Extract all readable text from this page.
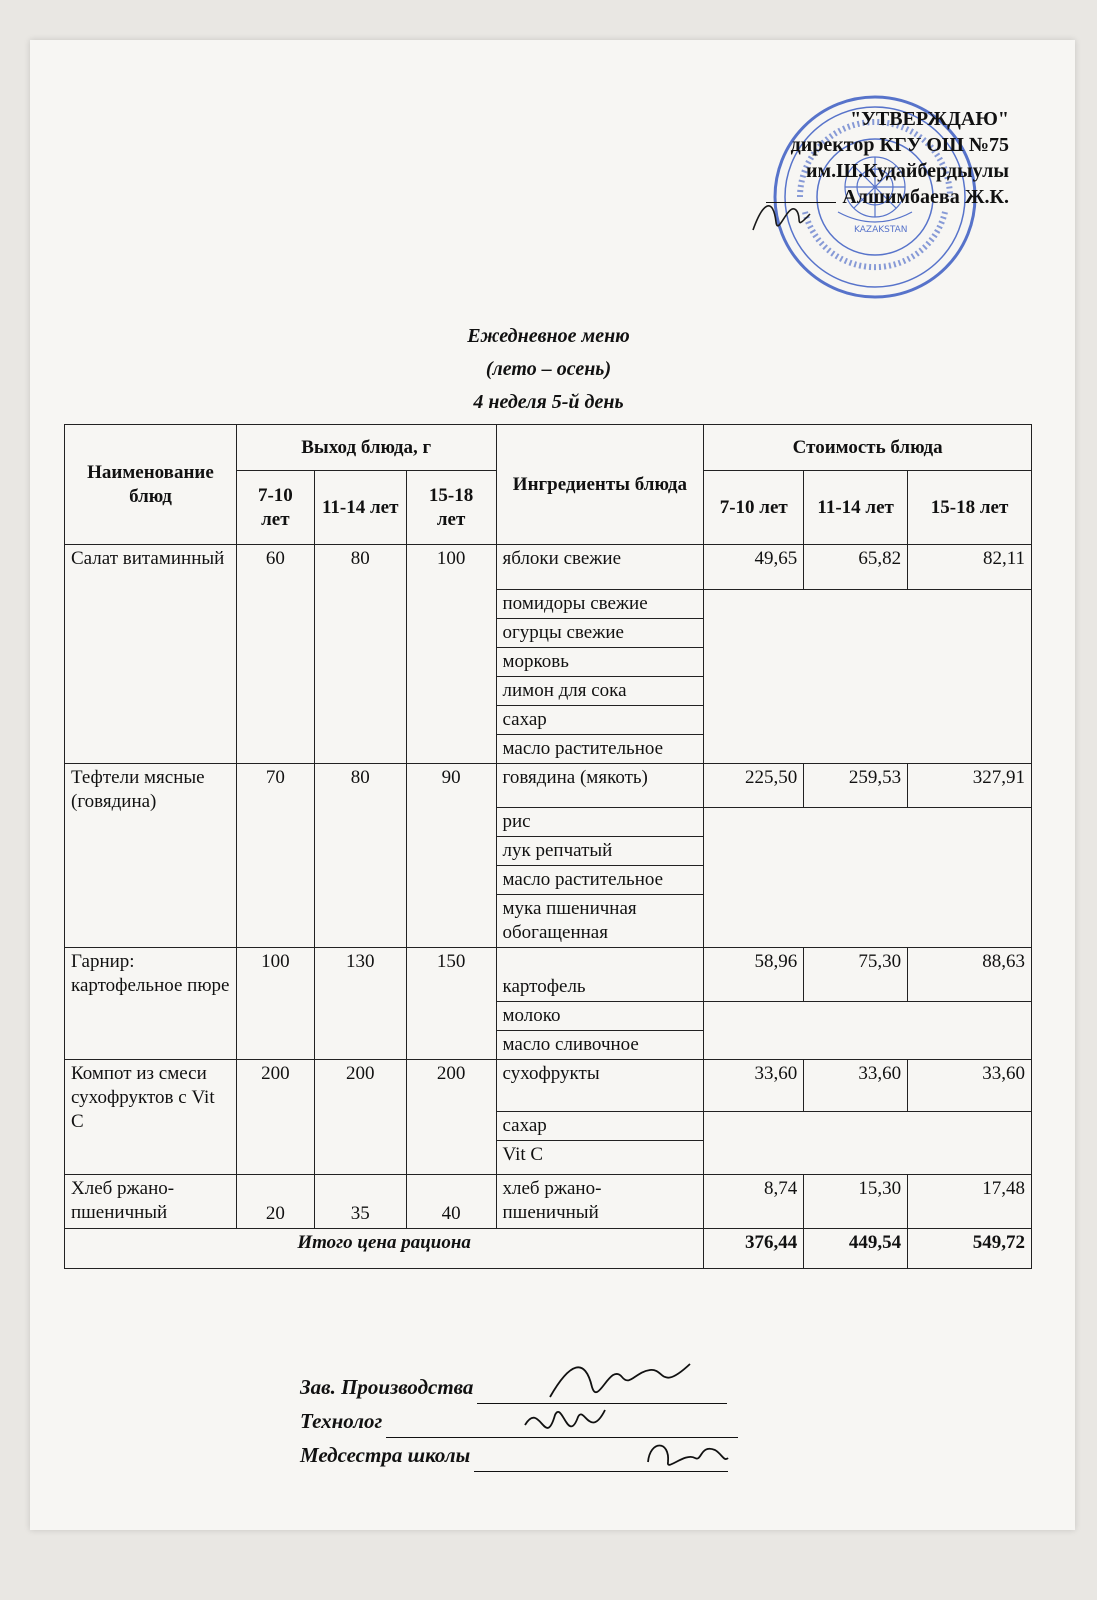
KAZAKSTAN
"УТВЕРЖДАЮ"
директор КГУ ОШ №75
им.Ш.Кудайбердыулы
Алшимбаева Ж.К.
Ежедневное меню
(лето – осень)
4 неделя 5-й день
Наименование блюд	Выход блюда, г			Ингредиенты блюда	Стоимость блюда		
	7-10 лет	11-14 лет	15-18 лет		7-10 лет	11-14 лет	15-18 лет
Салат витаминный	60	80	100	яблоки свежие	49,65	65,82	82,11
				помидоры свежие			
				огурцы свежие			
				морковь			
				лимон для сока			
				сахар			
				масло растительное			
Тефтели мясные (говядина)	70	80	90	говядина (мякоть)	225,50	259,53	327,91
				рис			
				лук репчатый			
				масло растительное			
				мука пшеничная обогащенная			
Гарнир: картофельное пюре	100	130	150	картофель	58,96	75,30	88,63
				молоко			
				масло сливочное			
Компот из смеси сухофруктов с Vit C	200	200	200	сухофрукты	33,60	33,60	33,60
				сахар			
				Vit C			
Хлеб ржано-пшеничный	20	35	40	хлеб ржано-пшеничный	8,74	15,30	17,48
Итого цена рациона					376,44	449,54	549,72
Зав. Производства
Технолог
Медсестра школы
